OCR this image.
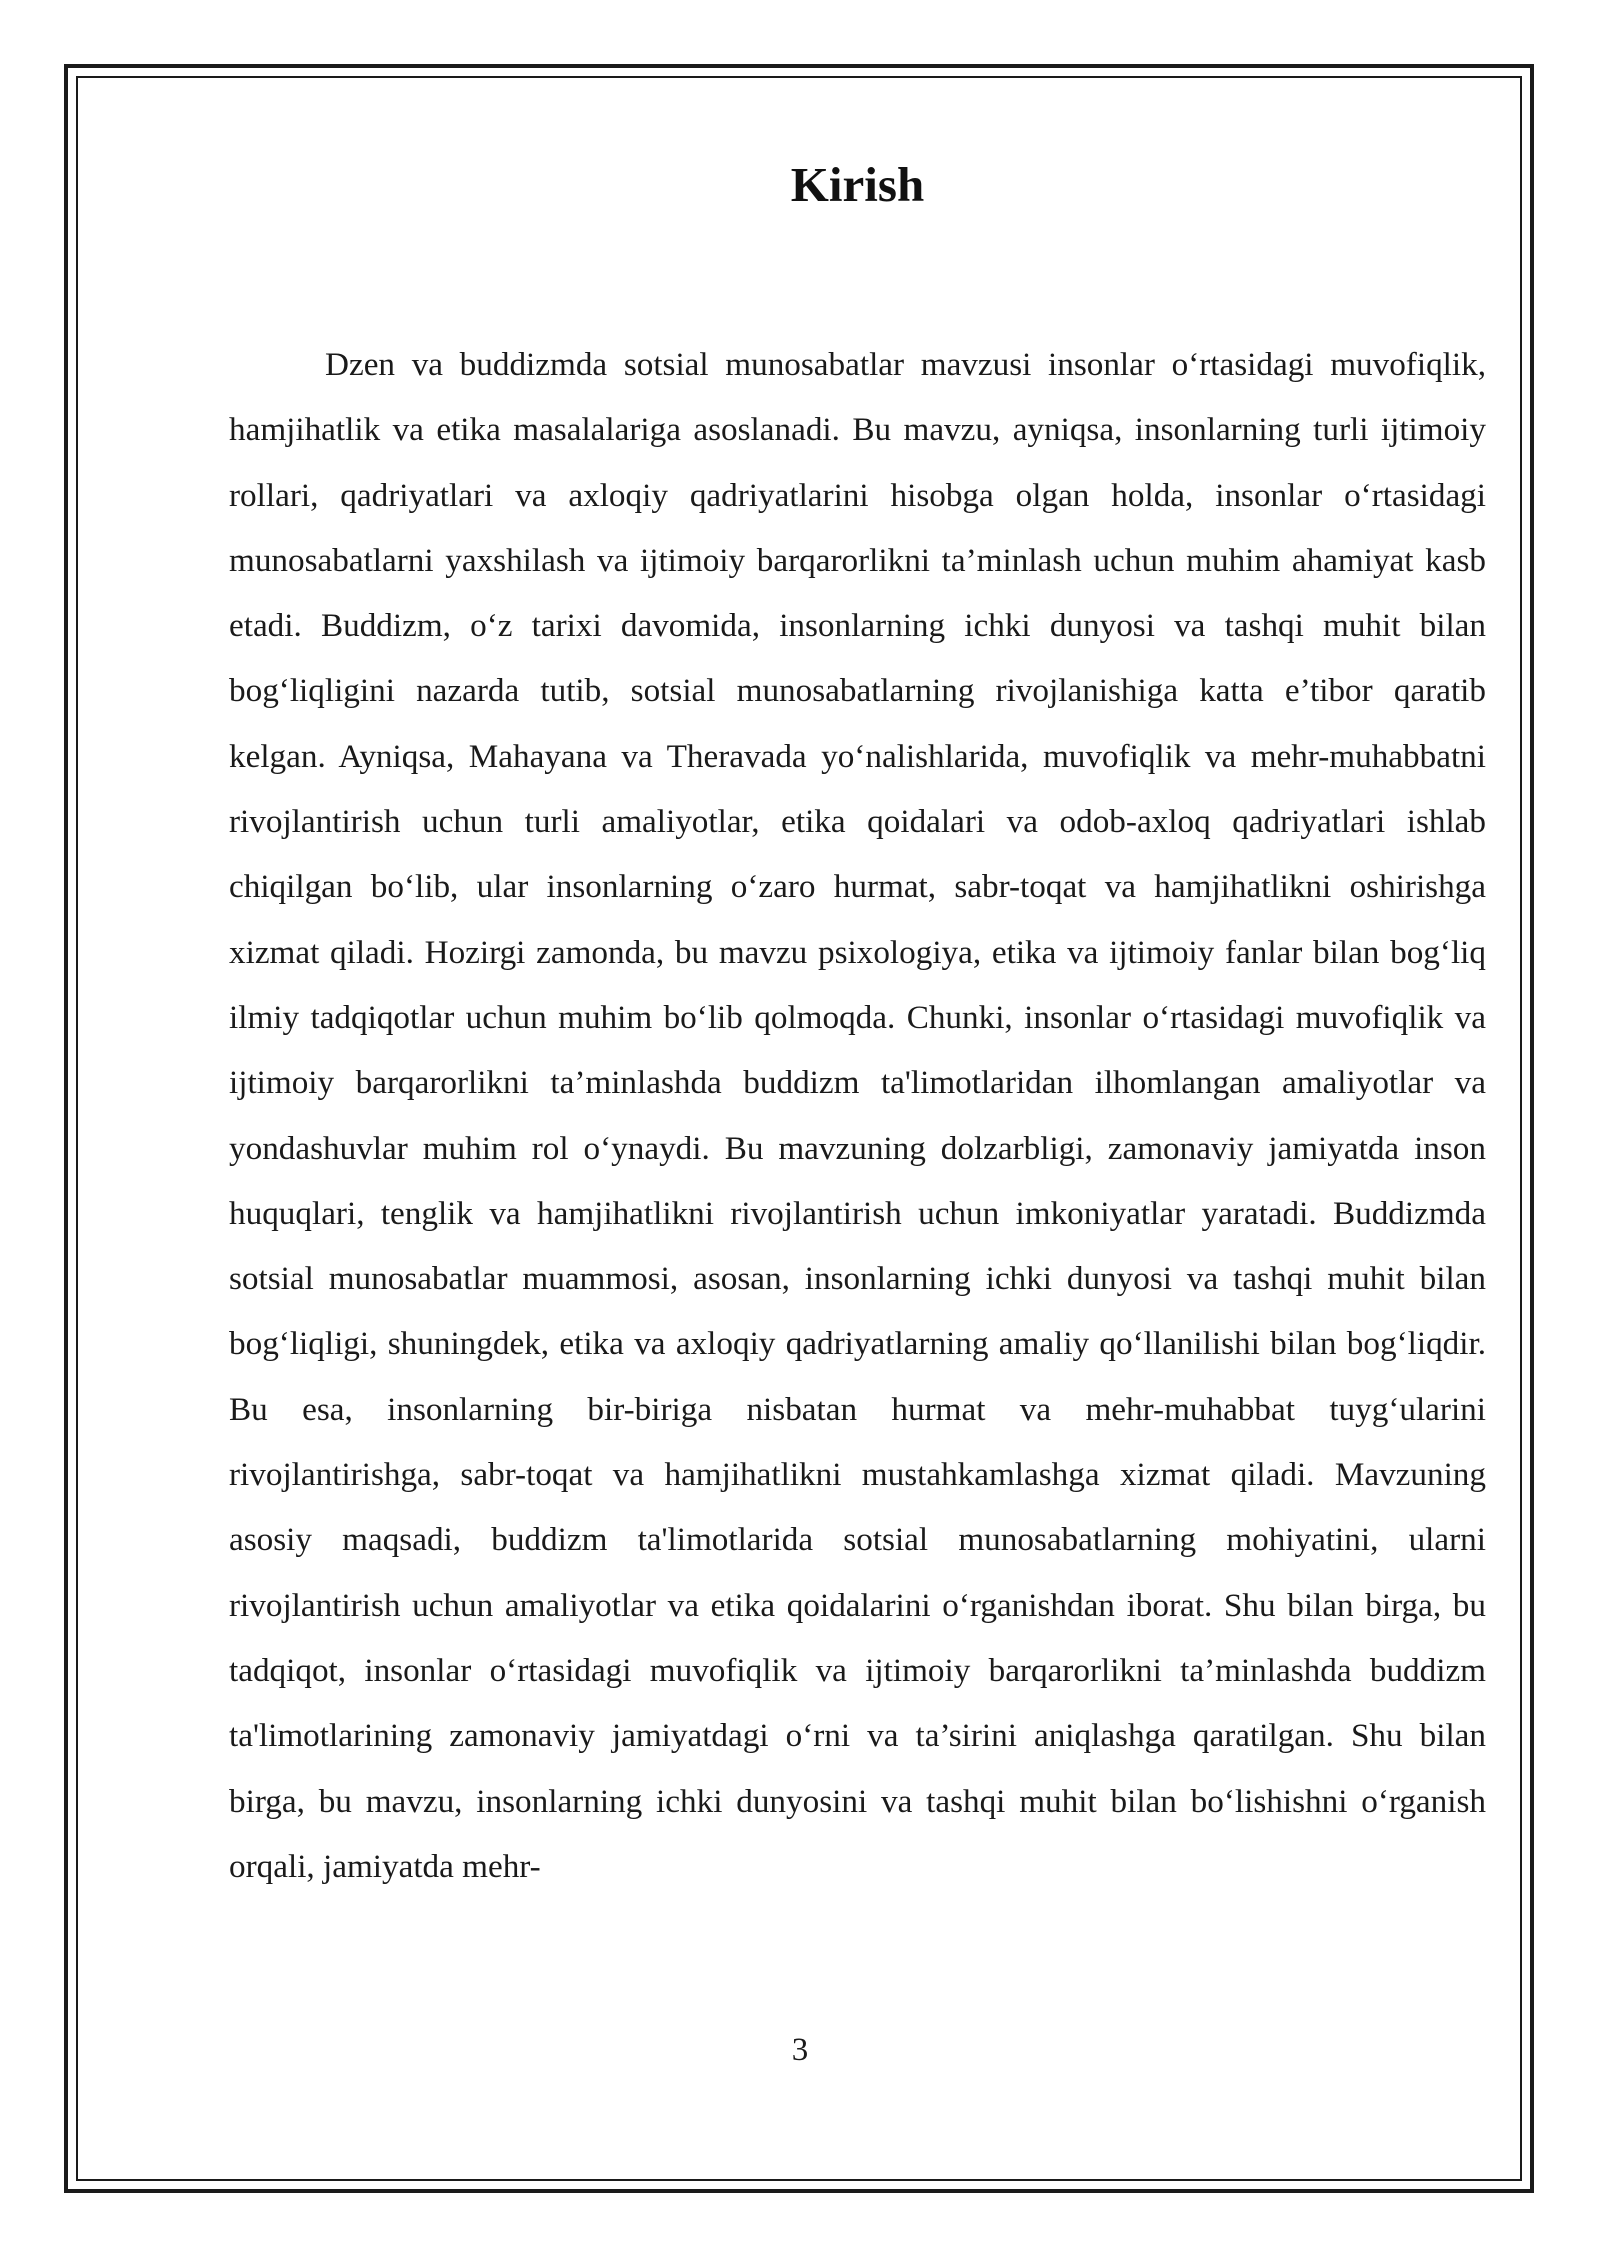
Kirish

Dzen va buddizmda sotsial munosabatlar mavzusi insonlar o‘rtasidagi muvofiqlik, hamjihatlik va etika masalalariga asoslanadi. Bu mavzu, ayniqsa, insonlarning turli ijtimoiy rollari, qadriyatlari va axloqiy qadriyatlarini hisobga olgan holda, insonlar o‘rtasidagi munosabatlarni yaxshilash va ijtimoiy barqarorlikni ta’minlash uchun muhim ahamiyat kasb etadi. Buddizm, o‘z tarixi davomida, insonlarning ichki dunyosi va tashqi muhit bilan bog‘liqligini nazarda tutib, sotsial munosabatlarning rivojlanishiga katta e’tibor qaratib kelgan. Ayniqsa, Mahayana va Theravada yo‘nalishlarida, muvofiqlik va mehr-muhabbatni rivojlantirish uchun turli amaliyotlar, etika qoidalari va odob-axloq qadriyatlari ishlab chiqilgan bo‘lib, ular insonlarning o‘zaro hurmat, sabr-toqat va hamjihatlikni oshirishga xizmat qiladi. Hozirgi zamonda, bu mavzu psixologiya, etika va ijtimoiy fanlar bilan bog‘liq ilmiy tadqiqotlar uchun muhim bo‘lib qolmoqda. Chunki, insonlar o‘rtasidagi muvofiqlik va ijtimoiy barqarorlikni ta’minlashda buddizm ta'limotlaridan ilhomlangan amaliyotlar va yondashuvlar muhim rol o‘ynaydi. Bu mavzuning dolzarbligi, zamonaviy jamiyatda inson huquqlari, tenglik va hamjihatlikni rivojlantirish uchun imkoniyatlar yaratadi. Buddizmda sotsial munosabatlar muammosi, asosan, insonlarning ichki dunyosi va tashqi muhit bilan bog‘liqligi, shuningdek, etika va axloqiy qadriyatlarning amaliy qo‘llanilishi bilan bog‘liqdir. Bu esa, insonlarning bir-biriga nisbatan hurmat va mehr-muhabbat tuyg‘ularini rivojlantirishga, sabr-toqat va hamjihatlikni mustahkamlashga xizmat qiladi. Mavzuning asosiy maqsadi, buddizm ta'limotlarida sotsial munosabatlarning mohiyatini, ularni rivojlantirish uchun amaliyotlar va etika qoidalarini o‘rganishdan iborat. Shu bilan birga, bu tadqiqot, insonlar o‘rtasidagi muvofiqlik va ijtimoiy barqarorlikni ta’minlashda buddizm ta'limotlarining zamonaviy jamiyatdagi o‘rni va ta’sirini aniqlashga qaratilgan. Shu bilan birga, bu mavzu, insonlarning ichki dunyosini va tashqi muhit bilan bo‘lishishni o‘rganish orqali, jamiyatda mehr-

3
